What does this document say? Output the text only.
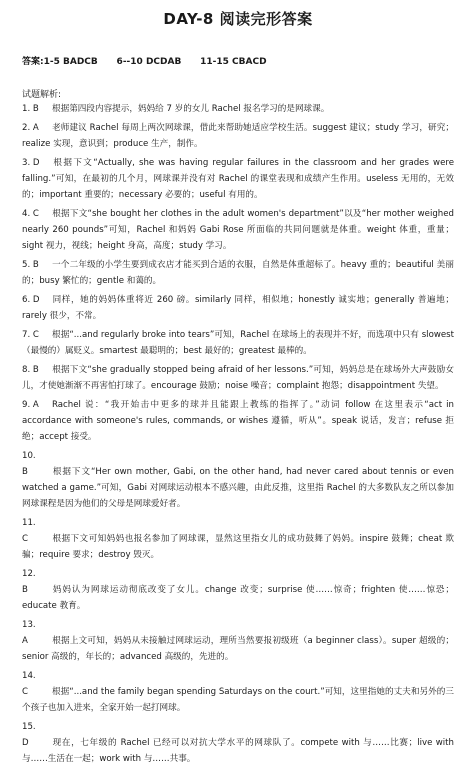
DAY-8 阅读完形答案
答案:1-5 BADCB      6--10 DCDAB      11-15 CBACD
试题解析:
1. B 根据第四段内容提示，妈妈给 7 岁的女儿 Rachel 报名学习的是网球课。
2. A 老师建议 Rachel 每周上两次网球课，借此来帮助她适应学校生活。suggest 建议；study 学习，研究；realize 实现，意识到；produce 生产，制作。
3. D 根据下文“Actually, she was having regular failures in the classroom and her grades were falling.”可知，在最初的几个月，网球课并没有对 Rachel 的课堂表现和成绩产生作用。useless 无用的，无效的；important 重要的；necessary 必要的；useful 有用的。
4. C 根据下文“she bought her clothes in the adult women's department”以及“her mother weighed nearly 260 pounds”可知，Rachel 和妈妈 Gabi Rose 所面临的共同问题就是体重。weight 体重，重量；sight 视力，视线；height 身高，高度；study 学习。
5. B 一个二年级的小学生要到成衣店才能买到合适的衣服，自然是体重超标了。heavy 重的；beautiful 美丽的；busy 繁忙的；gentle 和蔼的。
6. D 同样，她的妈妈体重将近 260 磅。similarly 同样，相似地；honestly 诚实地；generally 普遍地；rarely 很少，不常。
7. C 根据“...and regularly broke into tears”可知，Rachel 在球场上的表现并不好，而选项中只有 slowest（最慢的）属贬义。smartest 最聪明的；best 最好的；greatest 最棒的。
8. B 根据下文“she gradually stopped being afraid of her lessons.”可知，妈妈总是在球场外大声鼓励女儿，才使她渐渐不再害怕打球了。encourage 鼓励；noise 噪音；complaint 抱怨；disappointment 失望。
9. A Rachel 说：“我开始击中更多的球并且能跟上教练的指挥了。”动词 follow 在这里表示“act in accordance with someone's rules, commands, or wishes 遵循，听从”。speak 说话，发言；refuse 拒绝；accept 接受。
10. B	根据下文“Her own mother, Gabi, on the other hand, had never cared about tennis or even watched a game.”可知，Gabi 对网球运动根本不感兴趣，由此反推，这里指 Rachel 的大多数队友之所以参加网球课程是因为他们的父母是网球爱好者。
11. C	根据下文可知妈妈也报名参加了网球课，显然这里指女儿的成功鼓舞了妈妈。inspire 鼓舞；cheat 欺骗；require 要求；destroy 毁灭。
12. B	妈妈认为网球运动彻底改变了女儿。change 改变；surprise 使……惊奇；frighten 使……惊恐；educate 教育。
13. A	根据上文可知，妈妈从未接触过网球运动，理所当然要报初级班（a beginner class）。super 超级的；senior 高级的，年长的；advanced 高级的，先进的。
14. C	根据“...and the family began spending Saturdays on the court.”可知，这里指她的丈夫和另外的三个孩子也加入进来，全家开始一起打网球。
15. D	现在，七年级的 Rachel 已经可以对抗大学水平的网球队了。compete with 与……比赛；live with 与……生活在一起；work with 与……共事。
